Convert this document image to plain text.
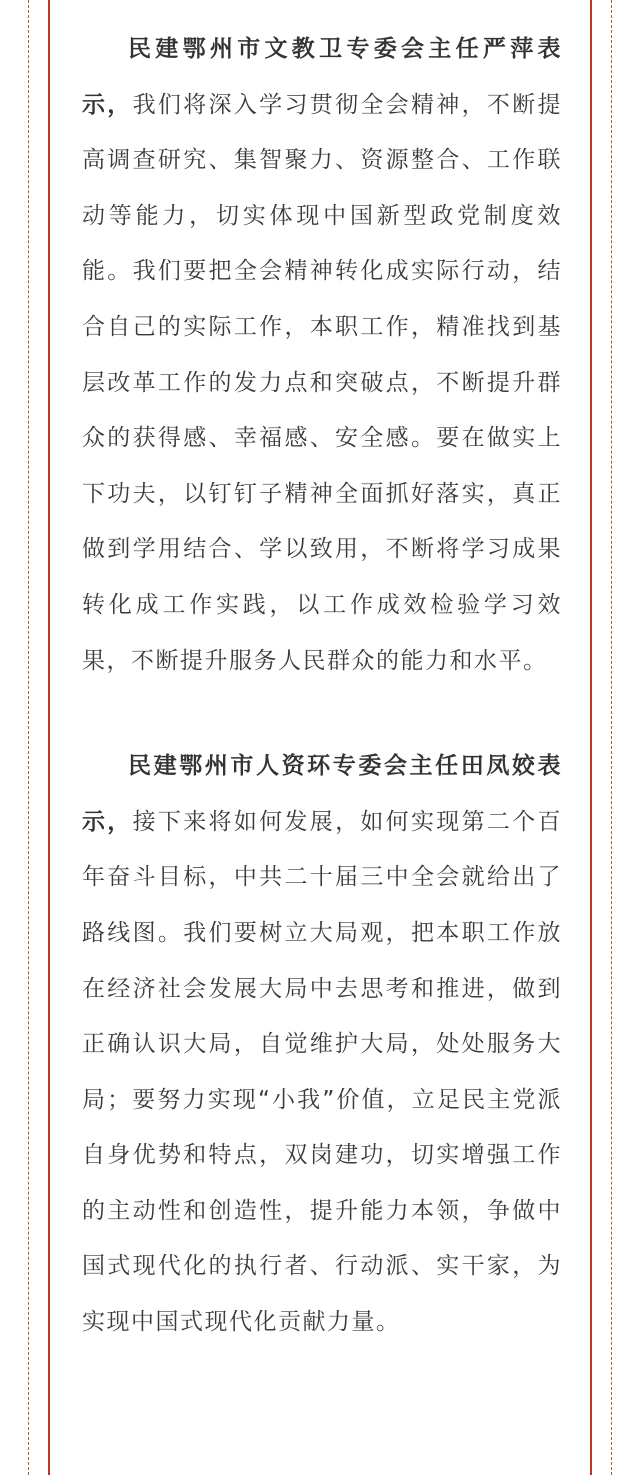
民建鄂州市文教卫专委会主任严萍表示，我们将深入学习贯彻全会精神，不断提高调查研究、集智聚力、资源整合、工作联动等能力，切实体现中国新型政党制度效能。我们要把全会精神转化成实际行动，结合自己的实际工作，本职工作，精准找到基层改革工作的发力点和突破点，不断提升群众的获得感、幸福感、安全感。要在做实上下功夫，以钉钉子精神全面抓好落实，真正做到学用结合、学以致用，不断将学习成果转化成工作实践，以工作成效检验学习效果，不断提升服务人民群众的能力和水平。

民建鄂州市人资环专委会主任田凤姣表示，接下来将如何发展，如何实现第二个百年奋斗目标，中共二十届三中全会就给出了路线图。我们要树立大局观，把本职工作放在经济社会发展大局中去思考和推进，做到正确认识大局，自觉维护大局，处处服务大局；要努力实现“小我”价值，立足民主党派自身优势和特点，双岗建功，切实增强工作的主动性和创造性，提升能力本领，争做中国式现代化的执行者、行动派、实干家，为实现中国式现代化贡献力量。
